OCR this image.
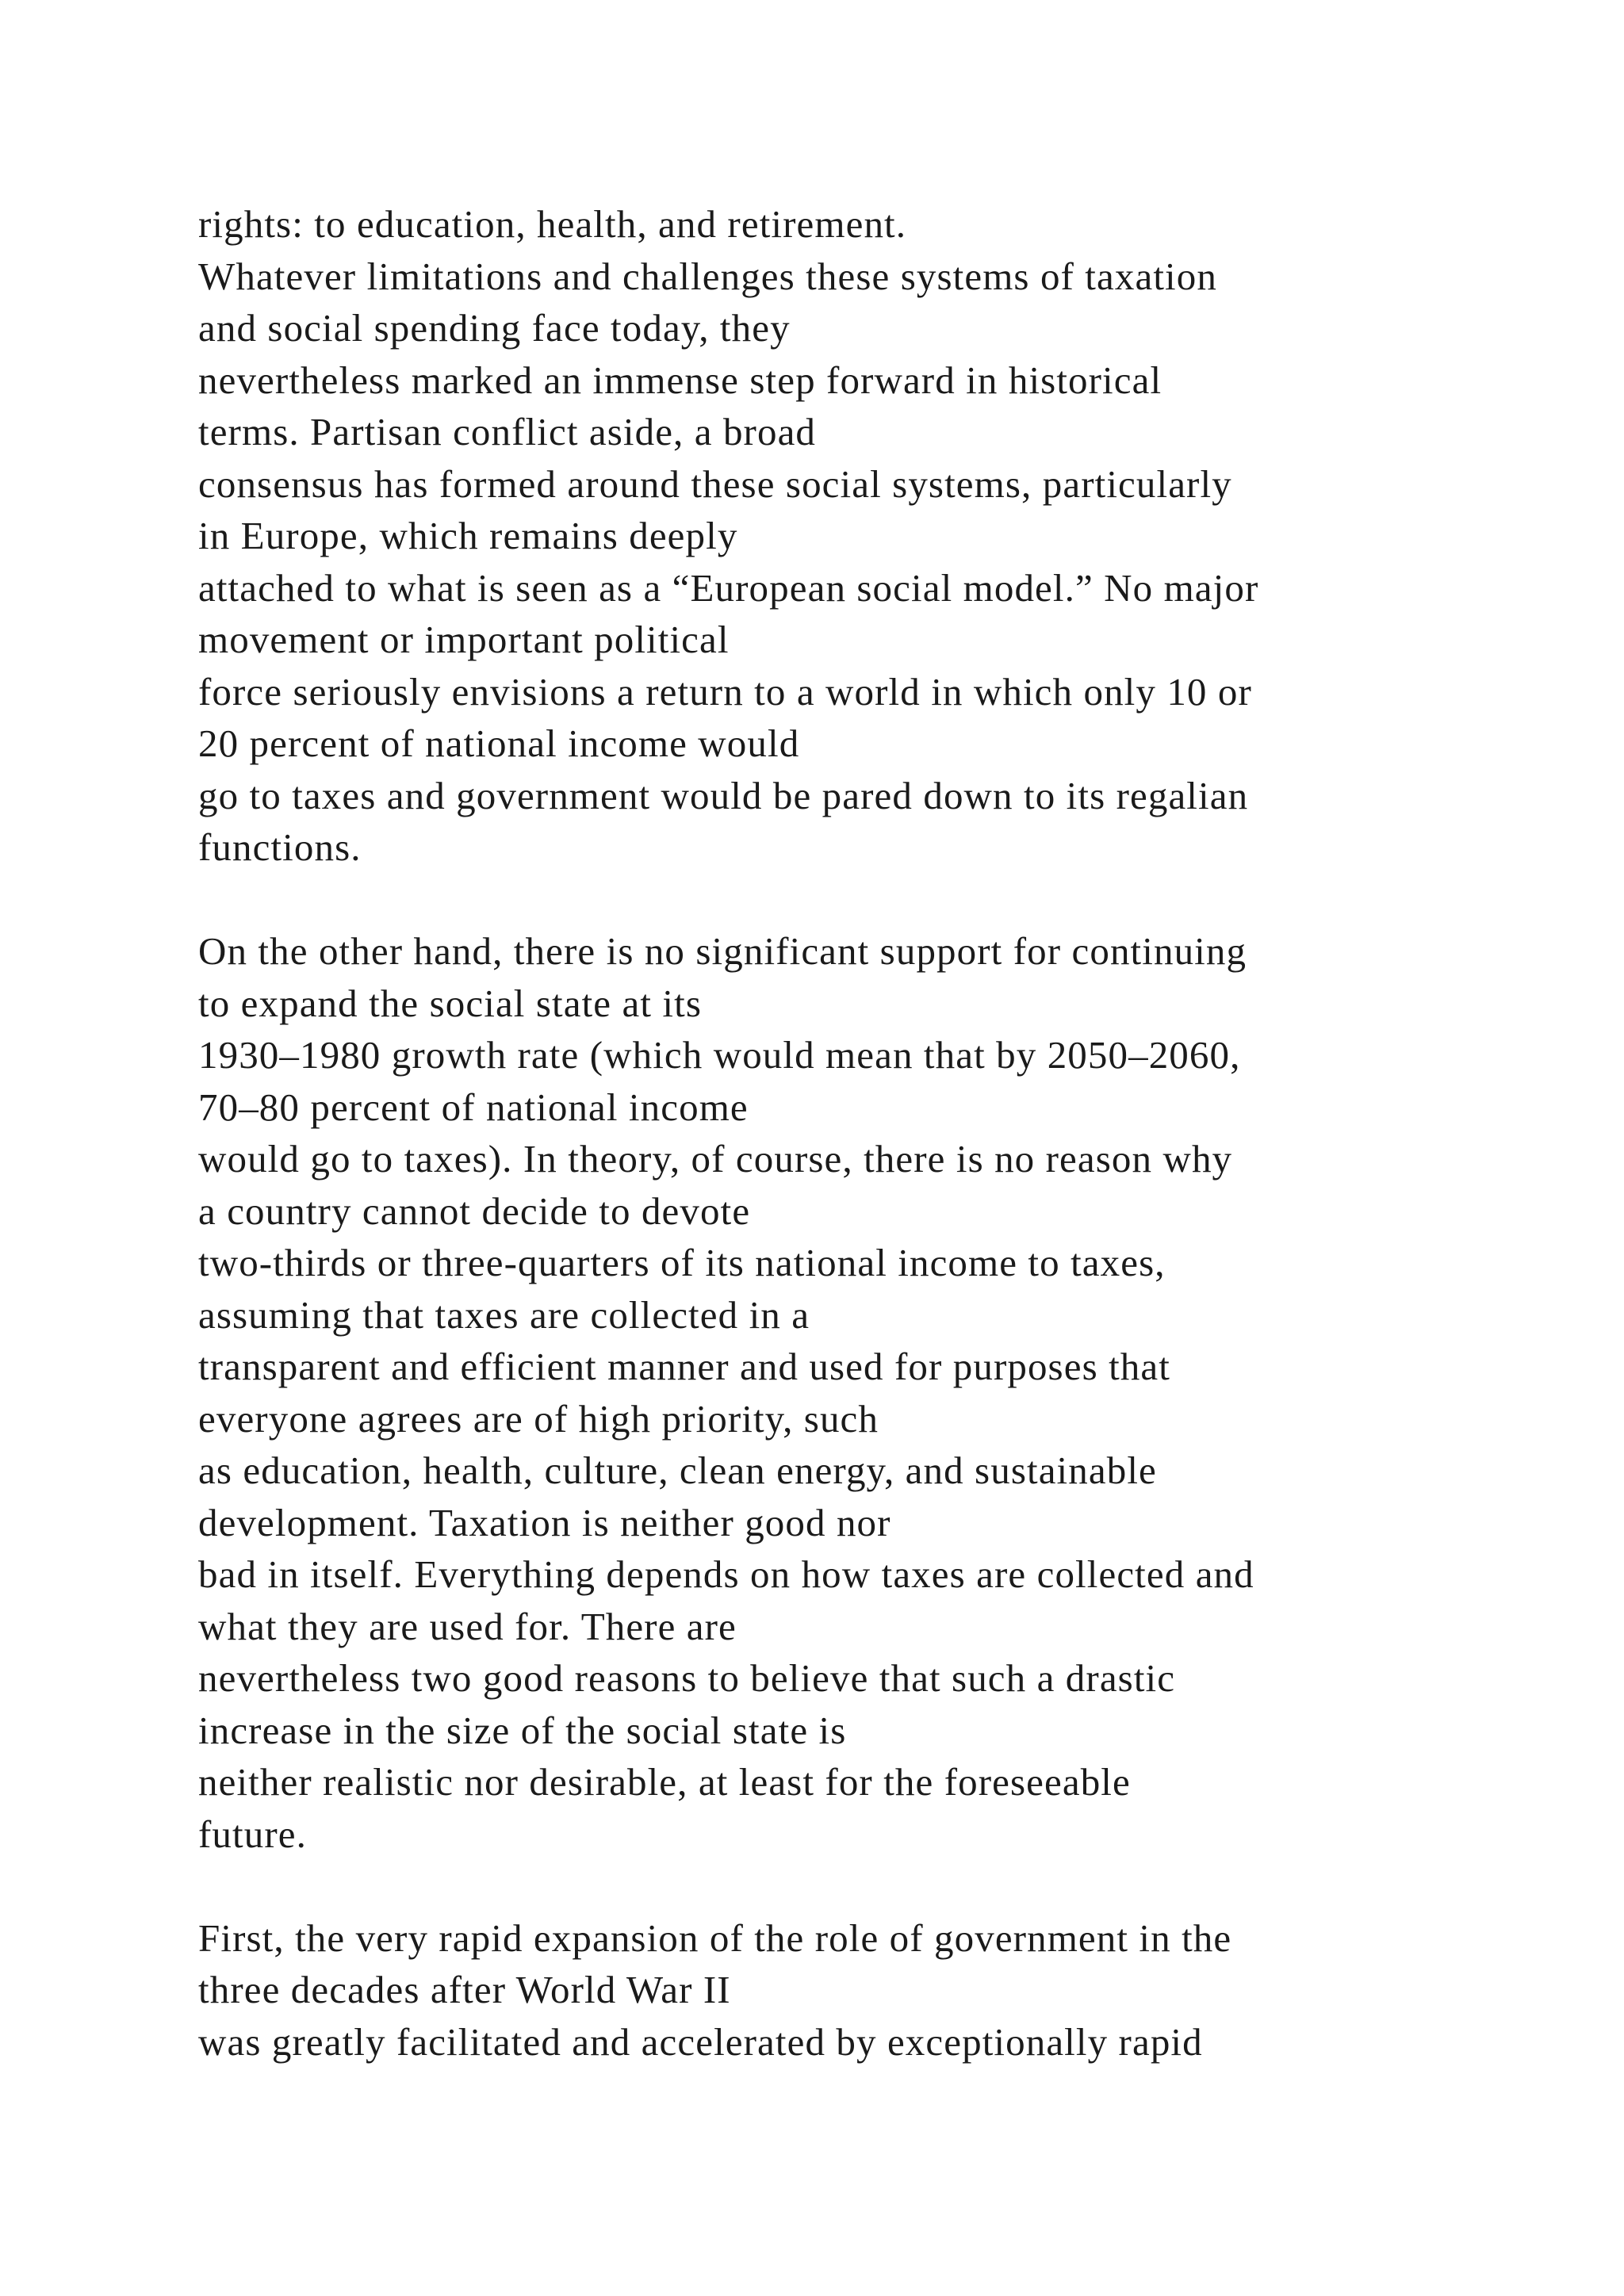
rights: to education, health, and retirement.
Whatever limitations and challenges these systems of taxation
and social spending face today, they
nevertheless marked an immense step forward in historical
terms. Partisan conflict aside, a broad
consensus has formed around these social systems, particularly
in Europe, which remains deeply
attached to what is seen as a “European social model.” No major
movement or important political
force seriously envisions a return to a world in which only 10 or
20 percent of national income would
go to taxes and government would be pared down to its regalian
functions.
On the other hand, there is no significant support for continuing
to expand the social state at its
1930–1980 growth rate (which would mean that by 2050–2060,
70–80 percent of national income
would go to taxes). In theory, of course, there is no reason why
a country cannot decide to devote
two-thirds or three-quarters of its national income to taxes,
assuming that taxes are collected in a
transparent and efficient manner and used for purposes that
everyone agrees are of high priority, such
as education, health, culture, clean energy, and sustainable
development. Taxation is neither good nor
bad in itself. Everything depends on how taxes are collected and
what they are used for. There are
nevertheless two good reasons to believe that such a drastic
increase in the size of the social state is
neither realistic nor desirable, at least for the foreseeable
future.
First, the very rapid expansion of the role of government in the
three decades after World War II
was greatly facilitated and accelerated by exceptionally rapid
